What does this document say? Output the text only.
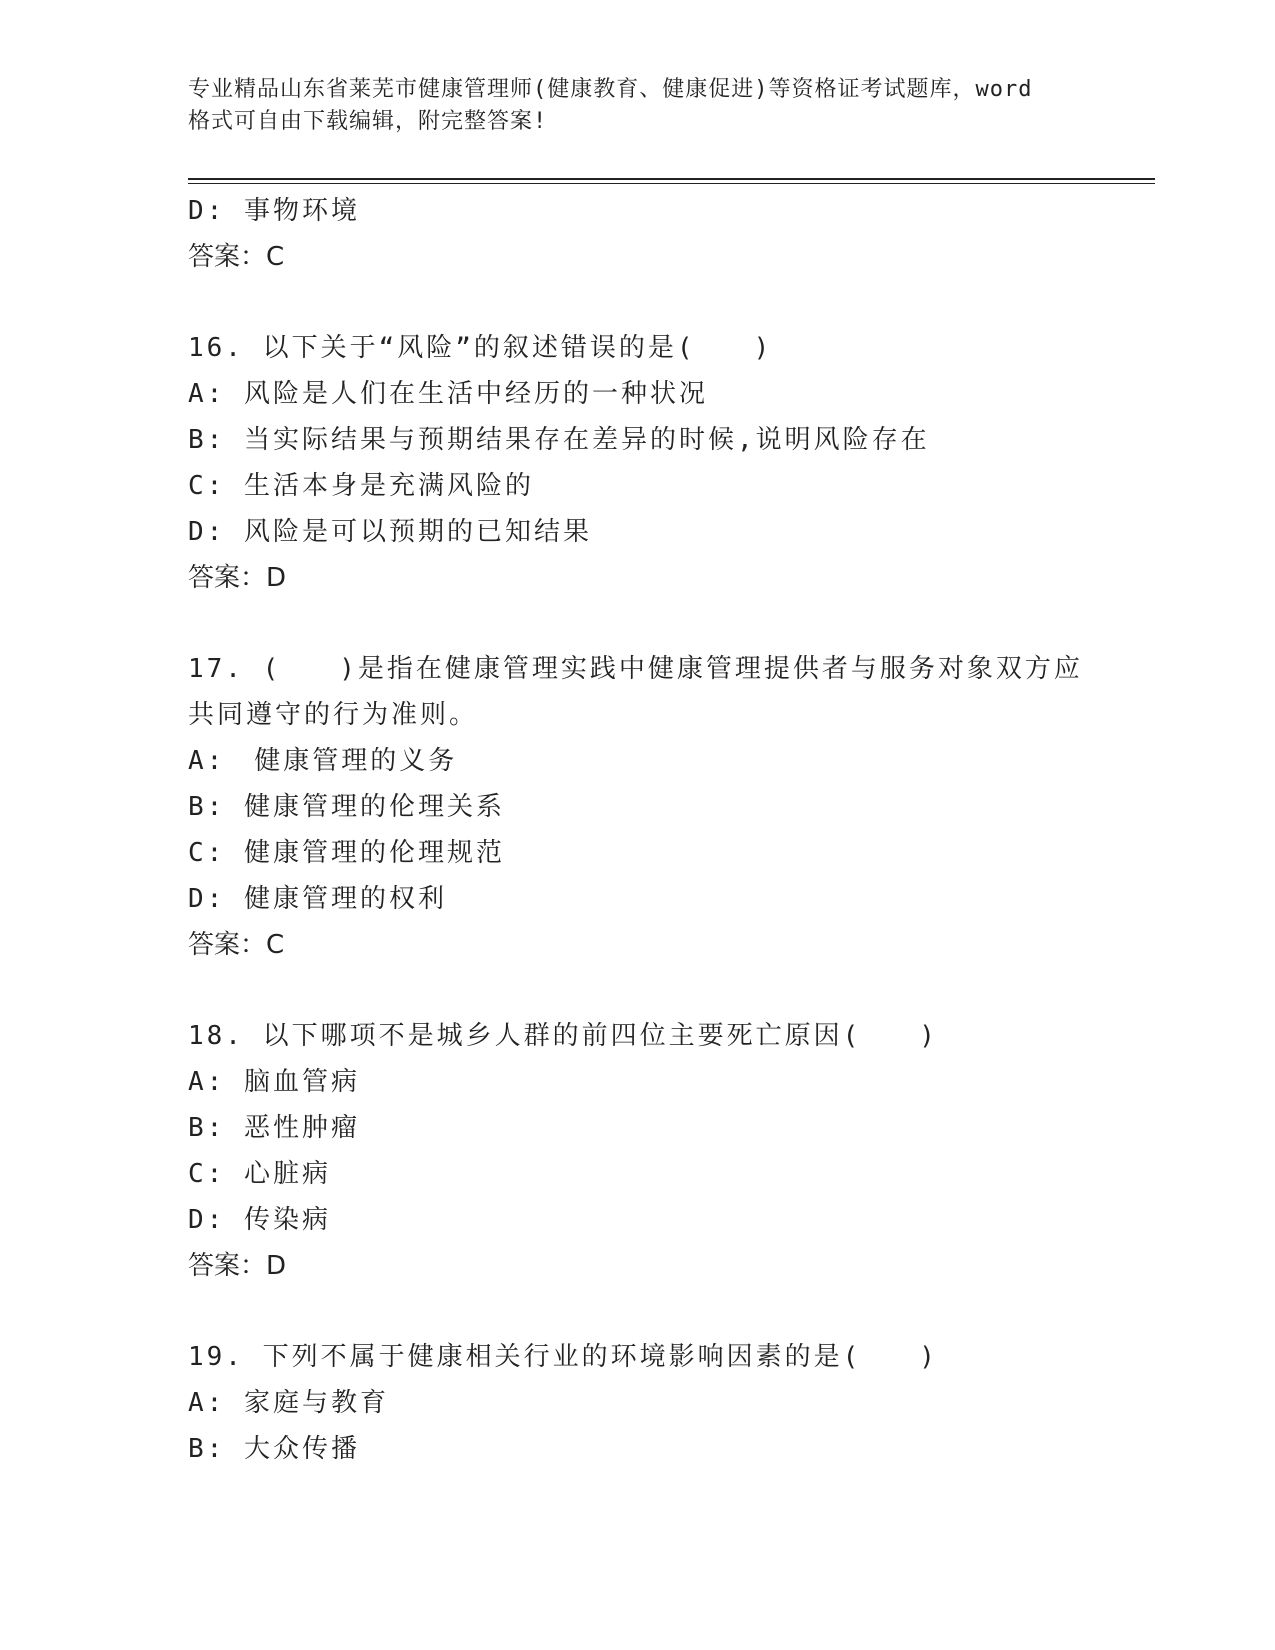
专业精品山东省莱芜市健康管理师(健康教育、健康促进)等资格证考试题库，word
格式可自由下载编辑，附完整答案!
D: 事物环境
答案：C
16. 以下关于“风险”的叙述错误的是(　　)
A: 风险是人们在生活中经历的一种状况
B: 当实际结果与预期结果存在差异的时候,说明风险存在
C: 生活本身是充满风险的
D: 风险是可以预期的已知结果
答案：D
17. (　　)是指在健康管理实践中健康管理提供者与服务对象双方应
共同遵守的行为准则。
A:　健康管理的义务
B: 健康管理的伦理关系
C: 健康管理的伦理规范
D: 健康管理的权利
答案：C
18. 以下哪项不是城乡人群的前四位主要死亡原因(　　)
A: 脑血管病
B: 恶性肿瘤
C: 心脏病
D: 传染病
答案：D
19. 下列不属于健康相关行业的环境影响因素的是(　　)
A: 家庭与教育
B: 大众传播
